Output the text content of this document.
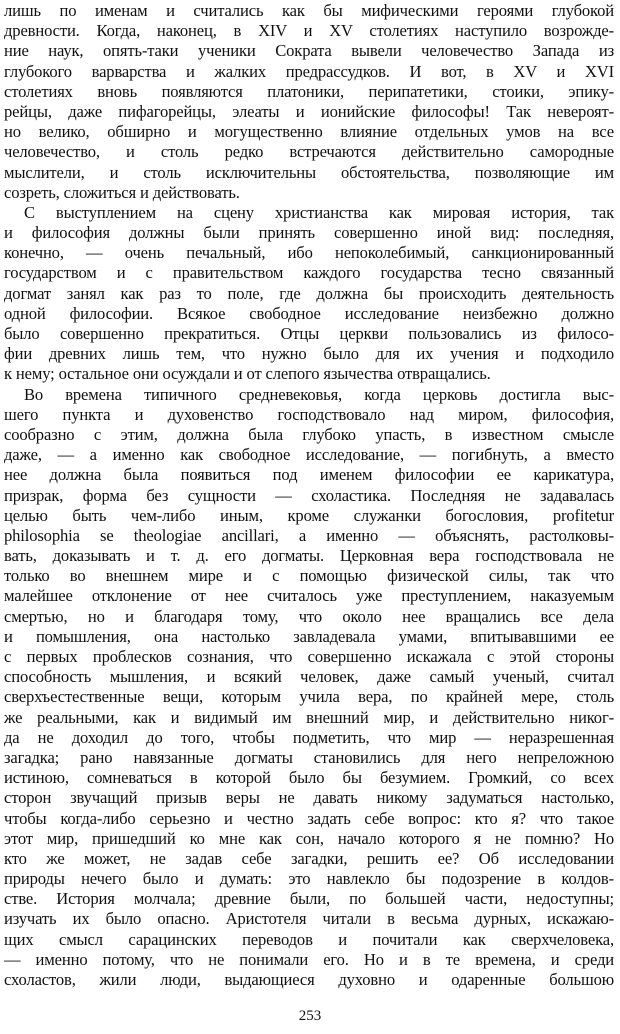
лишь по именам и считались как бы мифическими героями глубокой
древности. Когда, наконец, в XIV и XV столетиях наступило возрожде-
ние наук, опять-таки ученики Сократа вывели человечество Запада из
глубокого варварства и жалких предрассудков. И вот, в XV и XVI
столетиях вновь появляются платоники, перипатетики, стоики, эпику-
рейцы, даже пифагорейцы, элеаты и ионийские философы! Так невероят-
но велико, обширно и могущественно влияние отдельных умов на все
человечество, и столь редко встречаются действительно самородные
мыслители, и столь исключительны обстоятельства, позволяющие им
созреть, сложиться и действовать.
С выступлением на сцену христианства как мировая история, так
и философия должны были принять совершенно иной вид: последняя,
конечно, — очень печальный, ибо непоколебимый, санкционированный
государством и с правительством каждого государства тесно связанный
догмат занял как раз то поле, где должна бы происходить деятельность
одной философии. Всякое свободное исследование неизбежно должно
было совершенно прекратиться. Отцы церкви пользовались из филосо-
фии древних лишь тем, что нужно было для их учения и подходило
к нему; остальное они осуждали и от слепого язычества отвращались.
Во времена типичного средневековья, когда церковь достигла выс-
шего пункта и духовенство господствовало над миром, философия,
сообразно с этим, должна была глубоко упасть, в известном смысле
даже, — а именно как свободное исследование, — погибнуть, а вместо
нее должна была появиться под именем философии ее карикатура,
призрак, форма без сущности — схоластика. Последняя не задавалась
целью быть чем-либо иным, кроме служанки богословия, profitetur
philosophia se theologiae ancillari, а именно — объяснять, растолковы-
вать, доказывать и т. д. его догматы. Церковная вера господствовала не
только во внешнем мире и с помощью физической силы, так что
малейшее отклонение от нее считалось уже преступлением, наказуемым
смертью, но и благодаря тому, что около нее вращались все дела
и помышления, она настолько завладевала умами, впитывавшими ее
с первых проблесков сознания, что совершенно искажала с этой стороны
способность мышления, и всякий человек, даже самый ученый, считал
сверхъестественные вещи, которым учила вера, по крайней мере, столь
же реальными, как и видимый им внешний мир, и действительно никог-
да не доходил до того, чтобы подметить, что мир — неразрешенная
загадка; рано навязанные догматы становились для него непреложною
истиною, сомневаться в которой было бы безумием. Громкий, со всех
сторон звучащий призыв веры не давать никому задуматься настолько,
чтобы когда-либо серьезно и честно задать себе вопрос: кто я? что такое
этот мир, пришедший ко мне как сон, начало которого я не помню? Но
кто же может, не задав себе загадки, решить ее? Об исследовании
природы нечего было и думать: это навлекло бы подозрение в колдов-
стве. История молчала; древние были, по большей части, недоступны;
изучать их было опасно. Аристотеля читали в весьма дурных, искажаю-
щих смысл сарацинских переводов и почитали как сверхчеловека,
— именно потому, что не понимали его. Но и в те времена, и среди
схоластов, жили люди, выдающиеся духовно и одаренные большою
253
